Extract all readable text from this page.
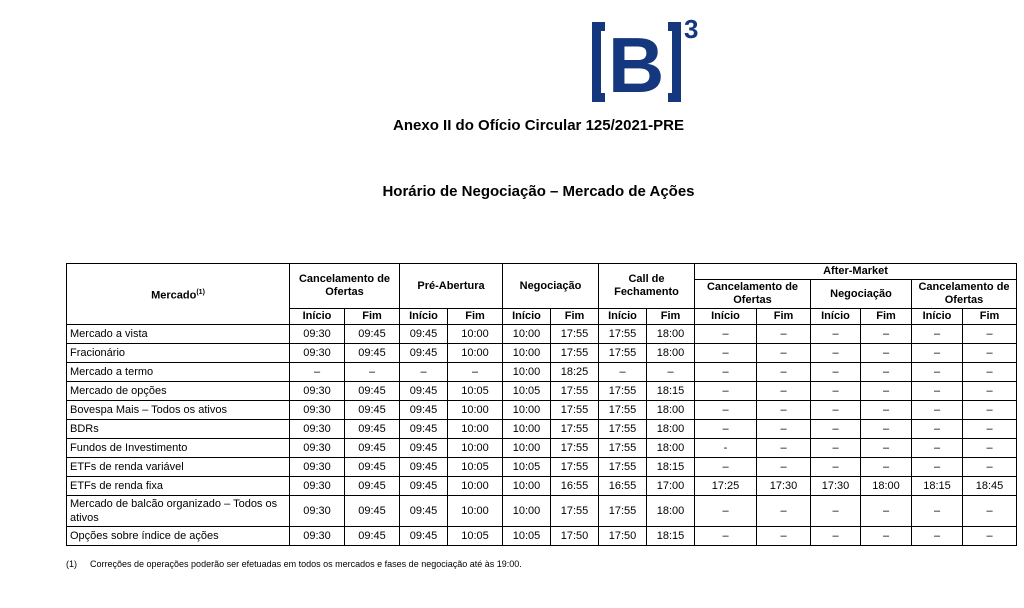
B 3
Anexo II do Ofício Circular 125/2021-PRE
Horário de Negociação – Mercado de Ações
Mercado$^{(1)}$	Cancelamento de Ofertas		Pré-Abertura		Negociação		Call de Fechamento		After-Market					
									Cancelamento de Ofertas		Negociação		Cancelamento de Ofertas	
	Início	Fim	Início	Fim	Início	Fim	Início	Fim	Início	Fim	Início	Fim	Início	Fim
Mercado a vista	09:30	09:45	09:45	10:00	10:00	17:55	17:55	18:00	–	–	–	–	–	–
Fracionário	09:30	09:45	09:45	10:00	10:00	17:55	17:55	18:00	–	–	–	–	–	–
Mercado a termo	–	–	–	–	10:00	18:25	–	–	–	–	–	–	–	–
Mercado de opções	09:30	09:45	09:45	10:05	10:05	17:55	17:55	18:15	–	–	–	–	–	–
Bovespa Mais – Todos os ativos	09:30	09:45	09:45	10:00	10:00	17:55	17:55	18:00	–	–	–	–	–	–
BDRs	09:30	09:45	09:45	10:00	10:00	17:55	17:55	18:00	–	–	–	–	–	–
Fundos de Investimento	09:30	09:45	09:45	10:00	10:00	17:55	17:55	18:00	-	–	–	–	–	–
ETFs de renda variável	09:30	09:45	09:45	10:05	10:05	17:55	17:55	18:15	–	–	–	–	–	–
ETFs de renda fixa	09:30	09:45	09:45	10:00	10:00	16:55	16:55	17:00	17:25	17:30	17:30	18:00	18:15	18:45
Mercado de balcão organizado – Todos os ativos	09:30	09:45	09:45	10:00	10:00	17:55	17:55	18:00	–	–	–	–	–	–
Opções sobre índice de ações	09:30	09:45	09:45	10:05	10:05	17:50	17:50	18:15	–	–	–	–	–	–
(1) Correções de operações poderão ser efetuadas em todos os mercados e fases de negociação até às 19:00.
